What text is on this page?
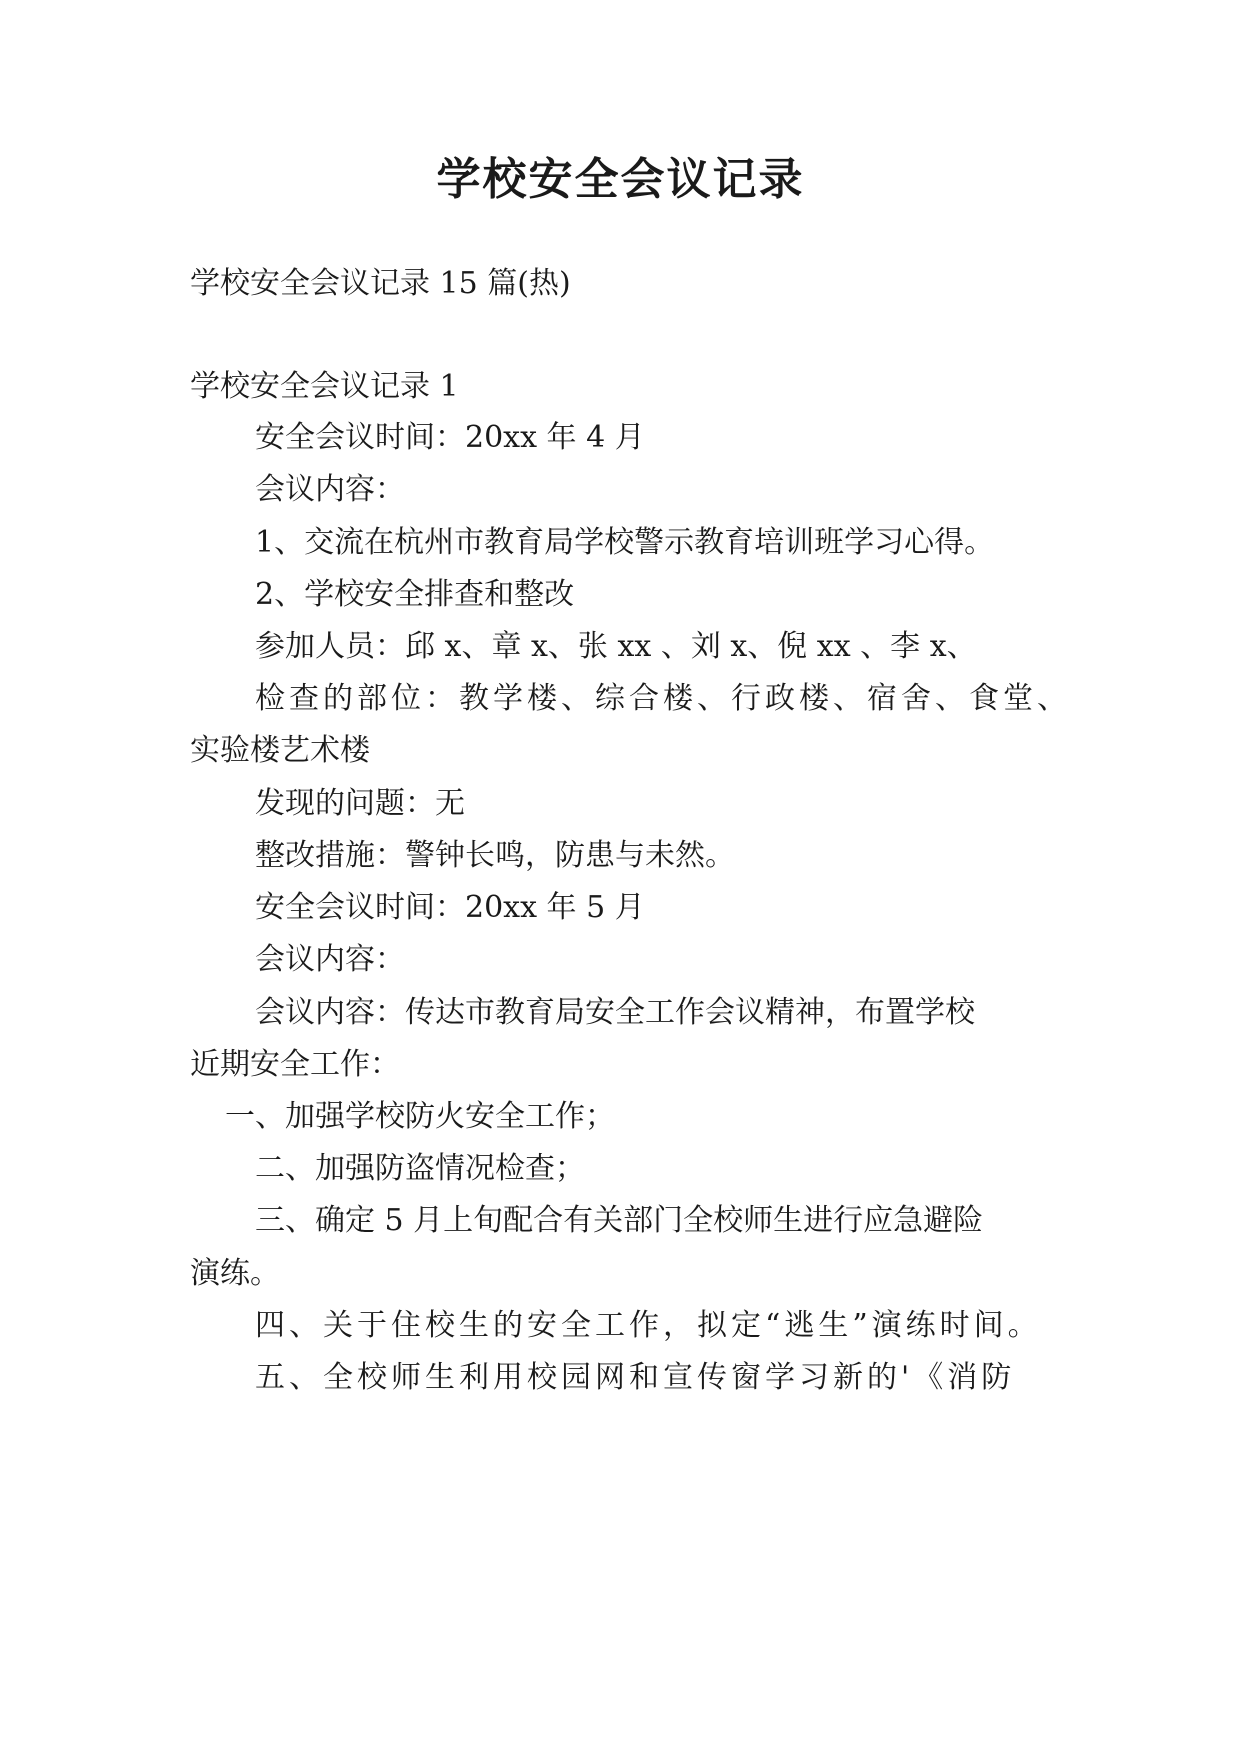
学校安全会议记录
学校安全会议记录 15 篇(热)
学校安全会议记录 1
安全会议时间：20xx 年 4 月
会议内容：
1、交流在杭州市教育局学校警示教育培训班学习心得。
2、学校安全排查和整改
参加人员：邱 x、章 x、张 xx 、刘 x、倪 xx 、李 x、
检查的部位：教学楼、综合楼、行政楼、宿舍、食堂、
实验楼艺术楼
发现的问题：无
整改措施：警钟长鸣，防患与未然。
安全会议时间：20xx 年 5 月
会议内容：
会议内容：传达市教育局安全工作会议精神，布置学校
近期安全工作：
一、加强学校防火安全工作；
二、加强防盗情况检查；
三、确定 5 月上旬配合有关部门全校师生进行应急避险
演练。
四、关于住校生的安全工作，拟定“逃生”演练时间。
五、全校师生利用校园网和宣传窗学习新的'《消防
